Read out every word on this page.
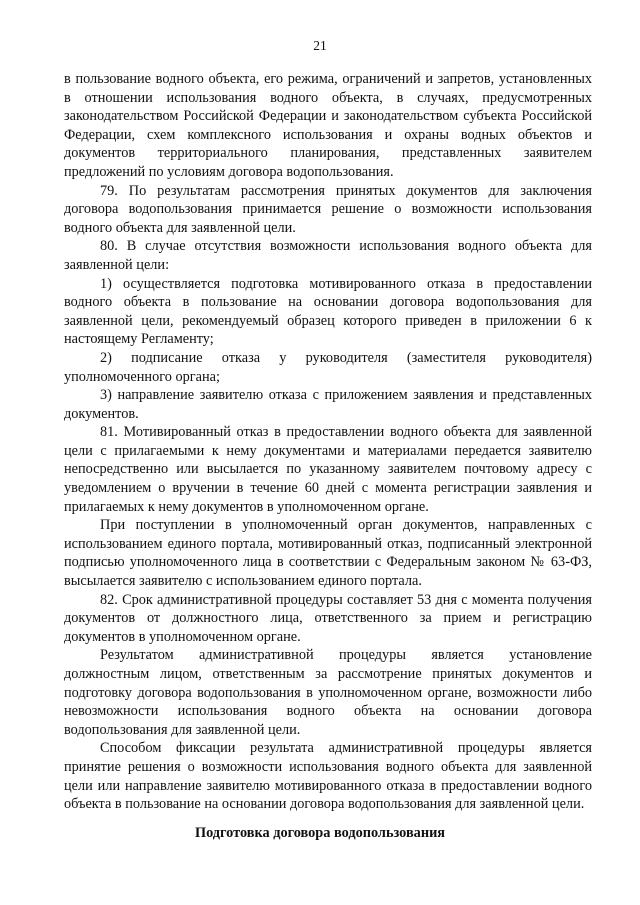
21

в пользование водного объекта, его режима, ограничений и запретов, установленных в отношении использования водного объекта, в случаях, предусмотренных законодательством Российской Федерации и законодательством субъекта Российской Федерации, схем комплексного использования и охраны водных объектов и документов территориального планирования, представленных заявителем предложений по условиям договора водопользования.

79. По результатам рассмотрения принятых документов для заключения договора водопользования принимается решение о возможности использования водного объекта для заявленной цели.

80. В случае отсутствия возможности использования водного объекта для заявленной цели:

1) осуществляется подготовка мотивированного отказа в предоставлении водного объекта в пользование на основании договора водопользования для заявленной цели, рекомендуемый образец которого приведен в приложении 6 к настоящему Регламенту;

2) подписание отказа у руководителя (заместителя руководителя) уполномоченного органа;

3) направление заявителю отказа с приложением заявления и представленных документов.

81. Мотивированный отказ в предоставлении водного объекта для заявленной цели с прилагаемыми к нему документами и материалами передается заявителю непосредственно или высылается по указанному заявителем почтовому адресу с уведомлением о вручении в течение 60 дней с момента регистрации заявления и прилагаемых к нему документов в уполномоченном органе.

При поступлении в уполномоченный орган документов, направленных с использованием единого портала, мотивированный отказ, подписанный электронной подписью уполномоченного лица в соответствии с Федеральным законом № 63-ФЗ, высылается заявителю с использованием единого портала.

82. Срок административной процедуры составляет 53 дня с момента получения документов от должностного лица, ответственного за прием и регистрацию документов в уполномоченном органе.

Результатом административной процедуры является установление должностным лицом, ответственным за рассмотрение принятых документов и подготовку договора водопользования в уполномоченном органе, возможности либо невозможности использования водного объекта на основании договора водопользования для заявленной цели.

Способом фиксации результата административной процедуры является принятие решения о возможности использования водного объекта для заявленной цели или направление заявителю мотивированного отказа в предоставлении водного объекта в пользование на основании договора водопользования для заявленной цели.

Подготовка договора водопользования
